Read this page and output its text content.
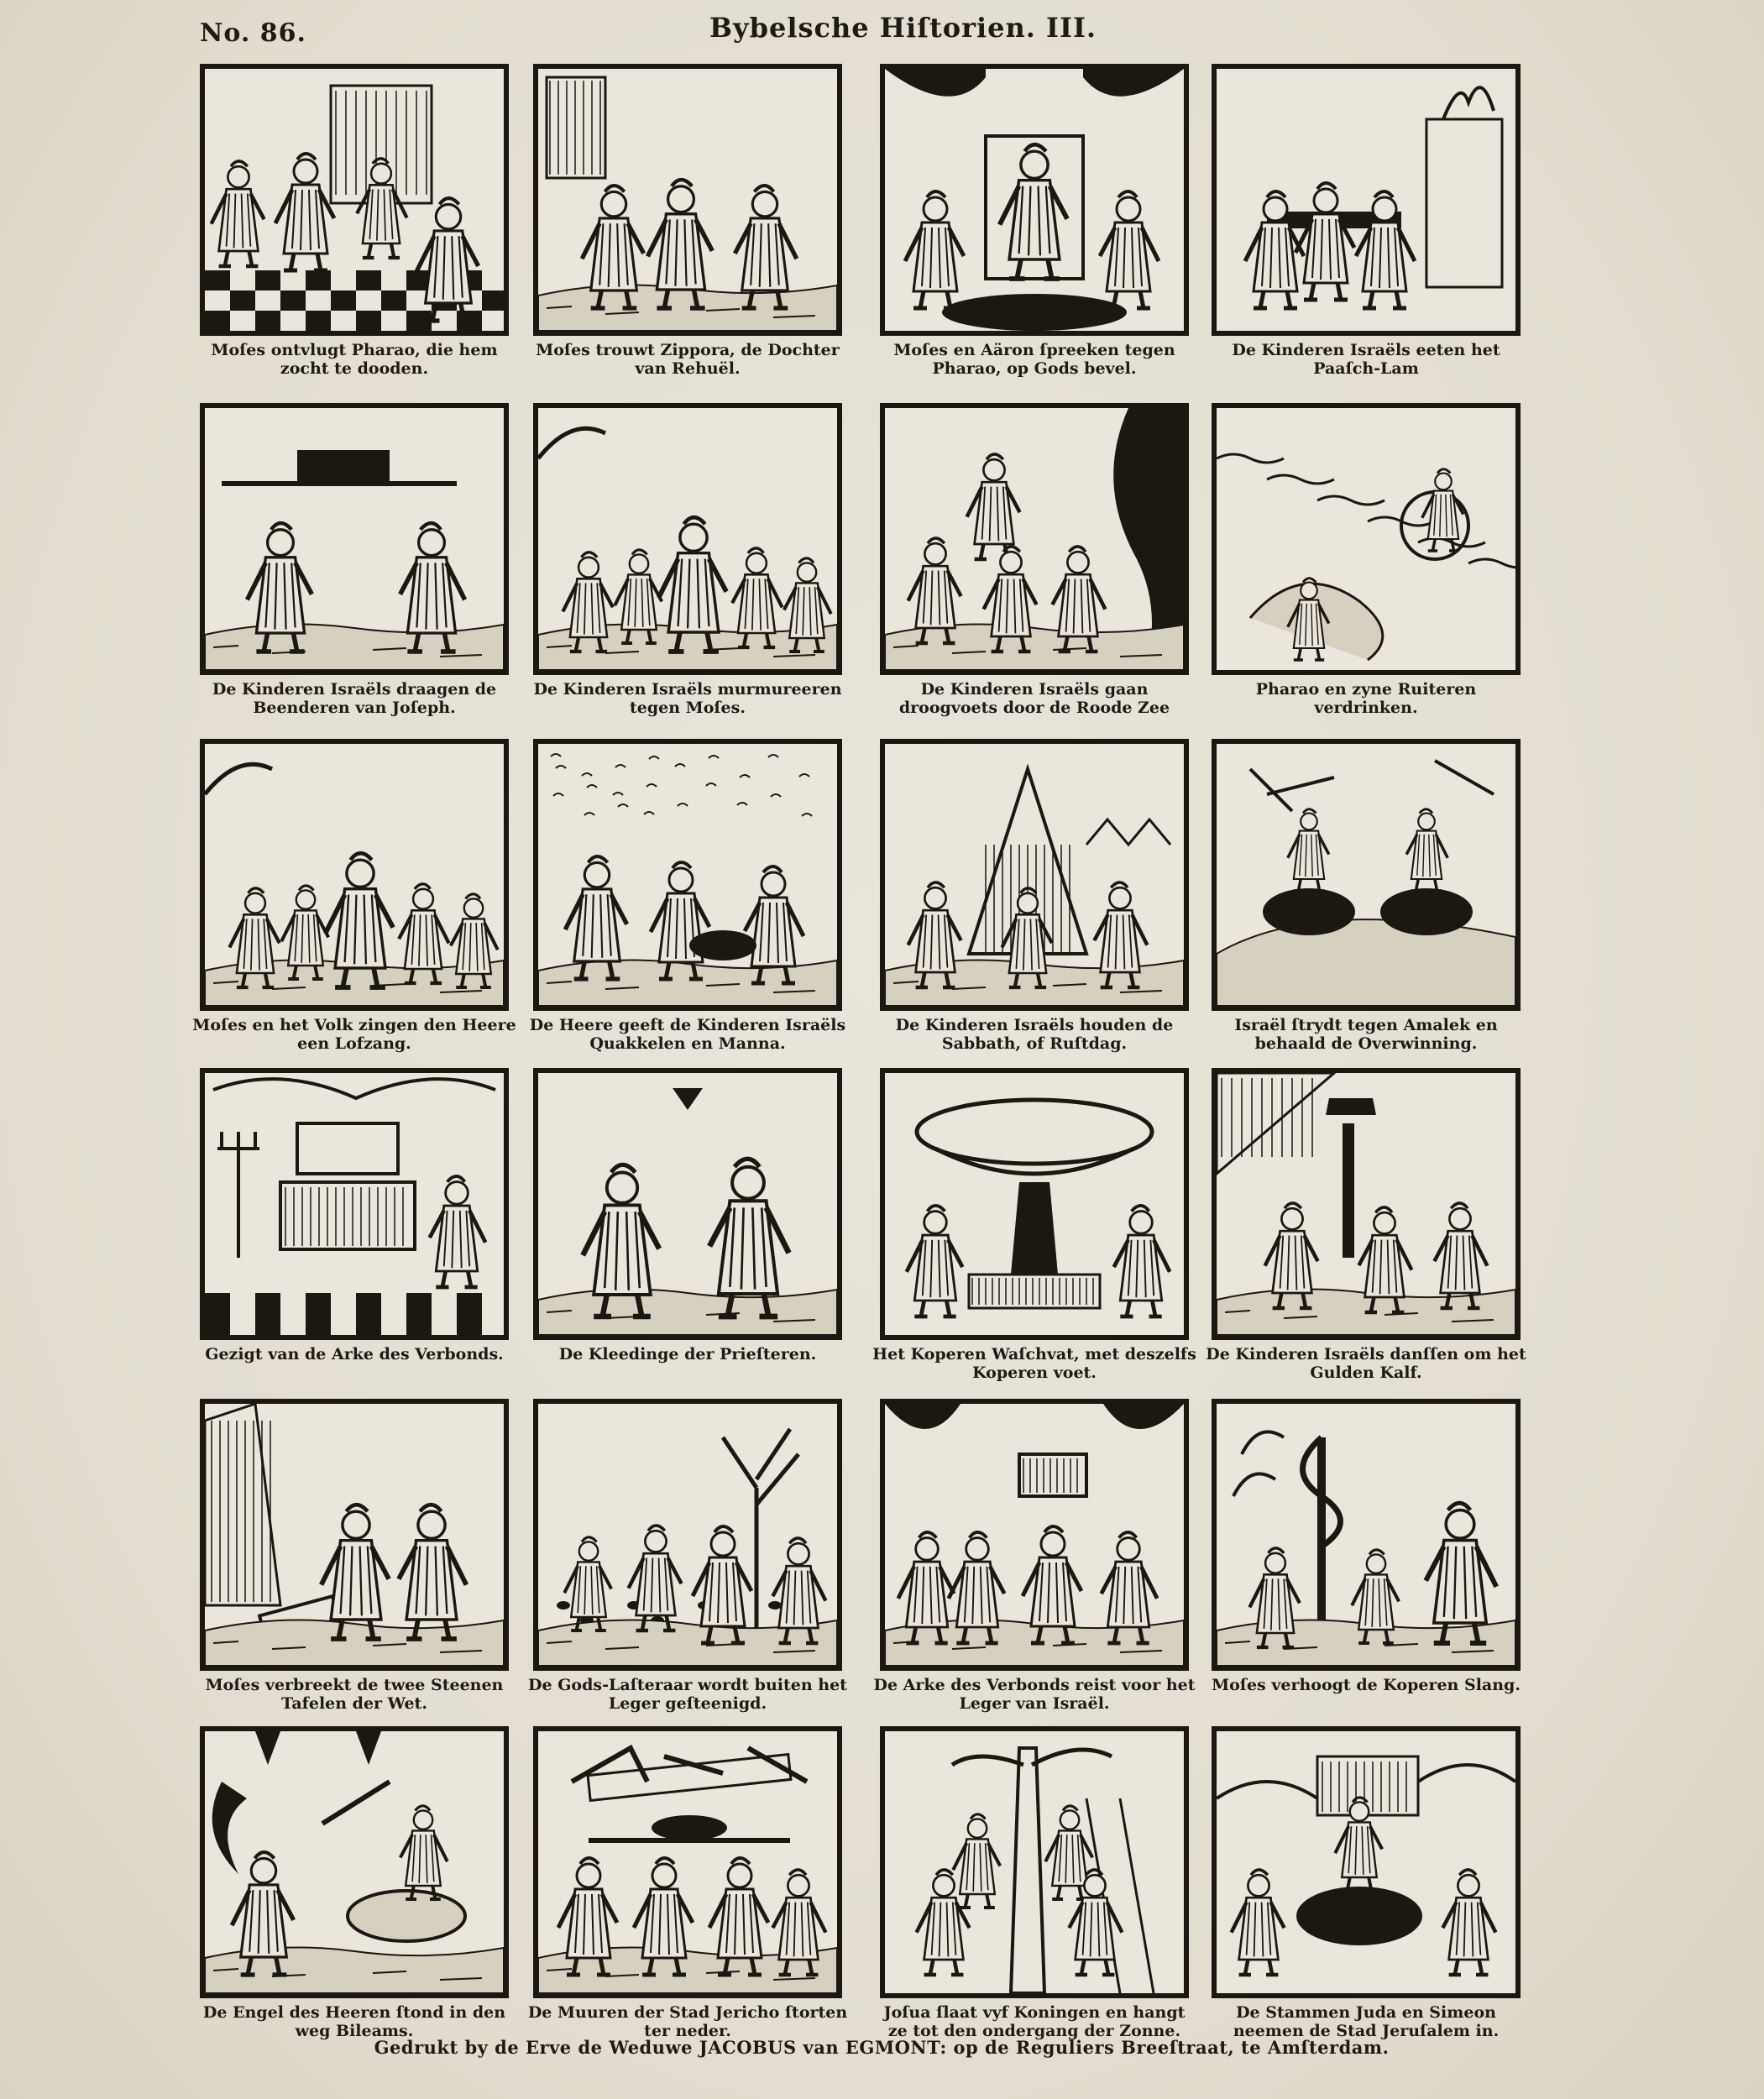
No. 86.	Bybelsche Hiſtorien. III.
Moſes ontvlugt Pharao, die hem zocht te dooden.
Moſes trouwt Zippora, de Dochter van Rehuël.
Moſes en Aäron ſpreeken tegen Pharao, op Gods bevel.
De Kinderen Israëls eeten het Paaſch-Lam
De Kinderen Israëls draagen de Beenderen van Joſeph.
De Kinderen Israëls murmureeren tegen Moſes.
De Kinderen Israëls gaan droogvoets door de Roode Zee
Pharao en zyne Ruiteren verdrinken.
Moſes en het Volk zingen den Heere een Lofzang.
De Heere geeft de Kinderen Israëls Quakkelen en Manna.
De Kinderen Israëls houden de Sabbath, of Ruſtdag.
Israël ſtrydt tegen Amalek en behaald de Overwinning.
Gezigt van de Arke des Verbonds.	De Kleedinge der Prieſteren.	Het Koperen Waſchvat, met deszelfs Koperen voet.
De Kinderen Israëls danſſen om het Gulden Kalf.
Moſes verbreekt de twee Steenen Tafelen der Wet.
De Gods-Laſteraar wordt buiten het Leger geſteenigd.
De Arke des Verbonds reist voor het Leger van Israël.
Moſes verhoogt de Koperen Slang.
De Engel des Heeren ſtond in den weg Bileams.
De Muuren der Stad Jericho ſtorten ter neder.
Joſua ſlaat vyf Koningen en hangt ze tot den ondergang der Zonne.
De Stammen Juda en Simeon neemen de Stad Jeruſalem in.
Gedrukt by de Erve de Weduwe JACOBUS van EGMONT: op de Reguliers Breeſtraat, te Amſterdam.
